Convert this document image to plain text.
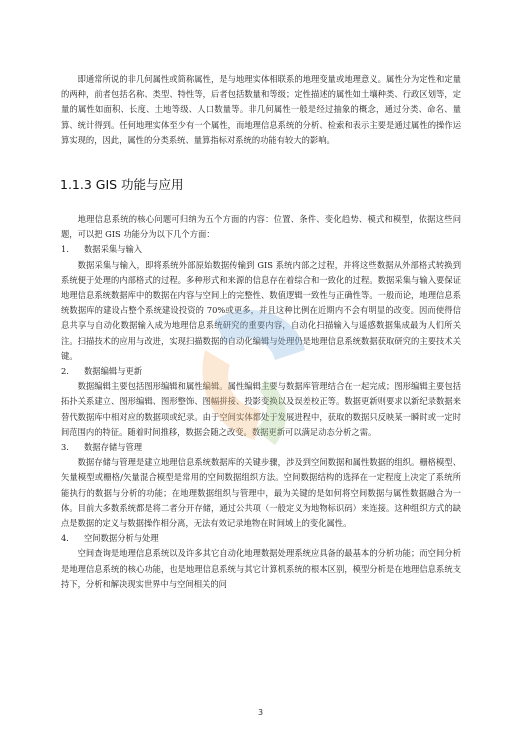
即通常所说的非几何属性或简称属性，是与地理实体相联系的地理变量或地理意义。属性分为定性和定量的两种，前者包括名称、类型、特性等，后者包括数量和等级；定性描述的属性如土壤种类、行政区划等，定量的属性如面积、长度、土地等级、人口数量等。非几何属性一般是经过抽象的概念，通过分类、命名、量算、统计得到。任何地理实体至少有一个属性，而地理信息系统的分析、检索和表示主要是通过属性的操作运算实现的，因此，属性的分类系统、量算指标对系统的功能有较大的影响。

1.1.3 GIS 功能与应用

地理信息系统的核心问题可归纳为五个方面的内容：位置、条件、变化趋势、模式和模型，依据这些问题，可以把 GIS 功能分为以下几个方面：

1. 数据采集与输入

数据采集与输入，即将系统外部原始数据传输到 GIS 系统内部之过程，并将这些数据从外部格式转换到系统便于处理的内部格式的过程。多种形式和来源的信息存在着综合和一致化的过程。数据采集与输入要保证地理信息系统数据库中的数据在内容与空间上的完整性、数值逻辑一致性与正确性等。一般而论，地理信息系统数据库的建设占整个系统建设投资的 70%或更多，并且这种比例在近期内不会有明显的改变。因而使得信息共享与自动化数据输入成为地理信息系统研究的重要内容，自动化扫描输入与遥感数据集成最为人们所关注。扫描技术的应用与改进，实现扫描数据的自动化编辑与处理仍是地理信息系统数据获取研究的主要技术关键。

2. 数据编辑与更新

数据编辑主要包括图形编辑和属性编辑。属性编辑主要与数据库管理结合在一起完成；图形编辑主要包括拓扑关系建立、图形编辑、图形整饰、图幅拼接、投影变换以及误差校正等。数据更新则要求以新纪录数据来替代数据库中相对应的数据项或纪录。由于空间实体都处于发展进程中，获取的数据只反映某一瞬时或一定时间范围内的特征。随着时间推移，数据会随之改变。数据更新可以满足动态分析之需。

3. 数据存储与管理

数据存储与管理是建立地理信息系统数据库的关键步骤，涉及到空间数据和属性数据的组织。栅格模型、矢量模型或栅格/矢量混合模型是常用的空间数据组织方法。空间数据结构的选择在一定程度上决定了系统所能执行的数据与分析的功能；在地理数据组织与管理中，最为关键的是如何将空间数据与属性数据融合为一体。目前大多数系统都是将二者分开存储，通过公共项（一般定义为地物标识码）来连接。这种组织方式的缺点是数据的定义与数据操作相分离，无法有效记录地物在时间域上的变化属性。

4. 空间数据分析与处理

空间查询是地理信息系统以及许多其它自动化地理数据处理系统应具备的最基本的分析功能；而空间分析是地理信息系统的核心功能，也是地理信息系统与其它计算机系统的根本区别，模型分析是在地理信息系统支持下，分析和解决现实世界中与空间相关的问

3
